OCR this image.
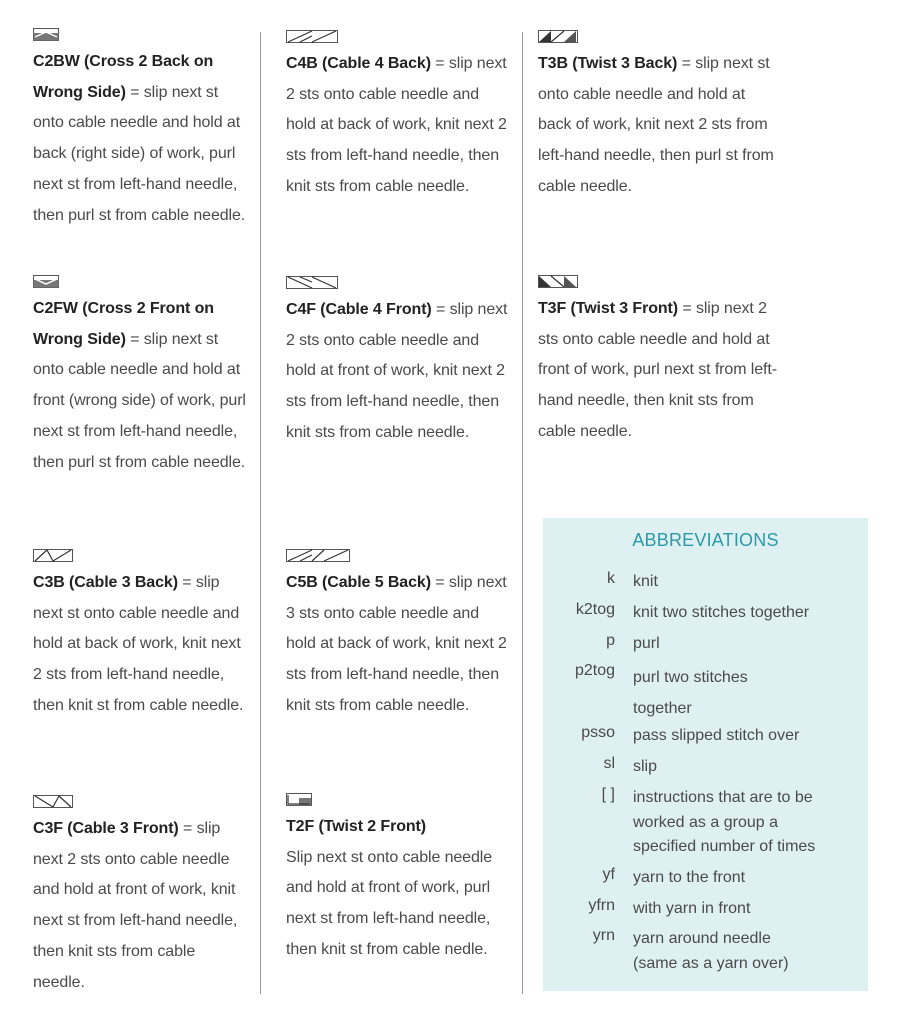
C2BW (Cross 2 Back on Wrong Side) = slip next st onto cable needle and hold at back (right side) of work, purl next st from left-hand needle, then purl st from cable needle.
C2FW (Cross 2 Front on Wrong Side) = slip next st onto cable needle and hold at front (wrong side) of work, purl next st from left-hand needle, then purl st from cable needle.
C3B (Cable 3 Back) = slip next st onto cable needle and hold at back of work, knit next 2 sts from left-hand needle, then knit st from cable needle.
C3F (Cable 3 Front) = slip next 2 sts onto cable needle and hold at front of work, knit next st from left-hand needle, then knit sts from cable needle.
C4B (Cable 4 Back) = slip next 2 sts onto cable needle and hold at back of work, knit next 2 sts from left-hand needle, then knit sts from cable needle.
C4F (Cable 4 Front) = slip next 2 sts onto cable needle and hold at front of work, knit next 2 sts from left-hand needle, then knit sts from cable needle.
C5B (Cable 5 Back) = slip next 3 sts onto cable needle and hold at back of work, knit next 2 sts from left-hand needle, then knit sts from cable needle.
T2F (Twist 2 Front)
Slip next st onto cable needle and hold at front of work, purl next st from left-hand needle, then knit st from cable nedle.
T3B (Twist 3 Back) = slip next st onto cable needle and hold at back of work, knit next 2 sts from left-hand needle, then purl st from cable needle.
T3F (Twist 3 Front) = slip next 2 sts onto cable needle and hold at front of work, purl next st from left-hand needle, then knit sts from cable needle.
ABBREVIATIONS
k knit
k2tog knit two stitches together
p purl
p2tog purl two stitches together
psso pass slipped stitch over
sl slip
[ ] instructions that are to be worked as a group a specified number of times
yf yarn to the front
yfrn with yarn in front
yrn yarn around needle (same as a yarn over)
